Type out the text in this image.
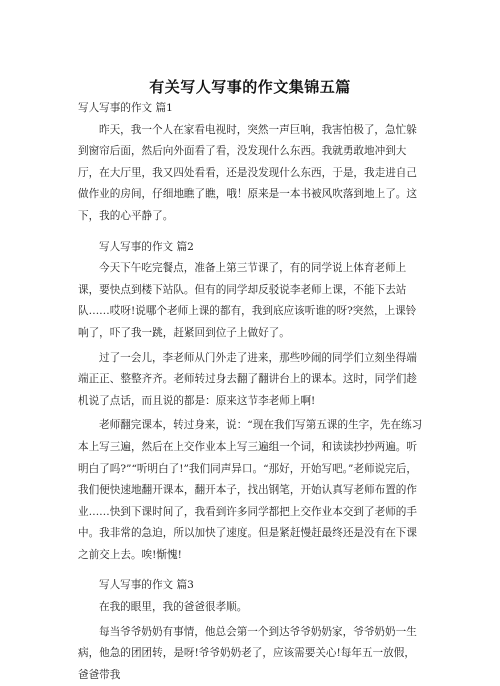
有关写人写事的作文集锦五篇

写人写事的作文 篇1

昨天，我一个人在家看电视时，突然一声巨响，我害怕极了，急忙躲到窗帘后面，然后向外面看了看，没发现什么东西。我就勇敢地冲到大厅，在大厅里，我又四处看看，还是没发现什么东西，于是，我走进自己做作业的房间，仔细地瞧了瞧，哦！原来是一本书被风吹落到地上了。这下，我的心平静了。

写人写事的作文 篇2

今天下午吃完餐点，准备上第三节课了，有的同学说上体育老师上课，要快点到楼下站队。但有的同学却反驳说李老师上课，不能下去站队……哎呀!说哪个老师上课的都有，我到底应该听谁的呀?突然，上课铃响了，吓了我一跳，赶紧回到位子上做好了。

过了一会儿，李老师从门外走了进来，那些吵闹的同学们立刻坐得端端正正、整整齐齐。老师转过身去翻了翻讲台上的课本。这时，同学们趁机说了点话，而且说的都是：原来这节李老师上啊!

老师翻完课本，转过身来，说：“现在我们写第五课的生字，先在练习本上写三遍，然后在上交作业本上写三遍组一个词，和读读抄抄两遍。听明白了吗?”“听明白了!”我们同声异口。“那好，开始写吧。”老师说完后，我们便快速地翻开课本，翻开本子，找出钢笔，开始认真写老师布置的作业……快到下课时间了，我看到许多同学都把上交作业本交到了老师的手中。我非常的急迫，所以加快了速度。但是紧赶慢赶最终还是没有在下课之前交上去。唉!惭愧!

写人写事的作文 篇3

在我的眼里，我的爸爸很孝顺。

每当爷爷奶奶有事情，他总会第一个到达爷爷奶奶家，爷爷奶奶一生病，他急的团团转，是呀!爷爷奶奶老了，应该需要关心!每年五一放假，爸爸带我
